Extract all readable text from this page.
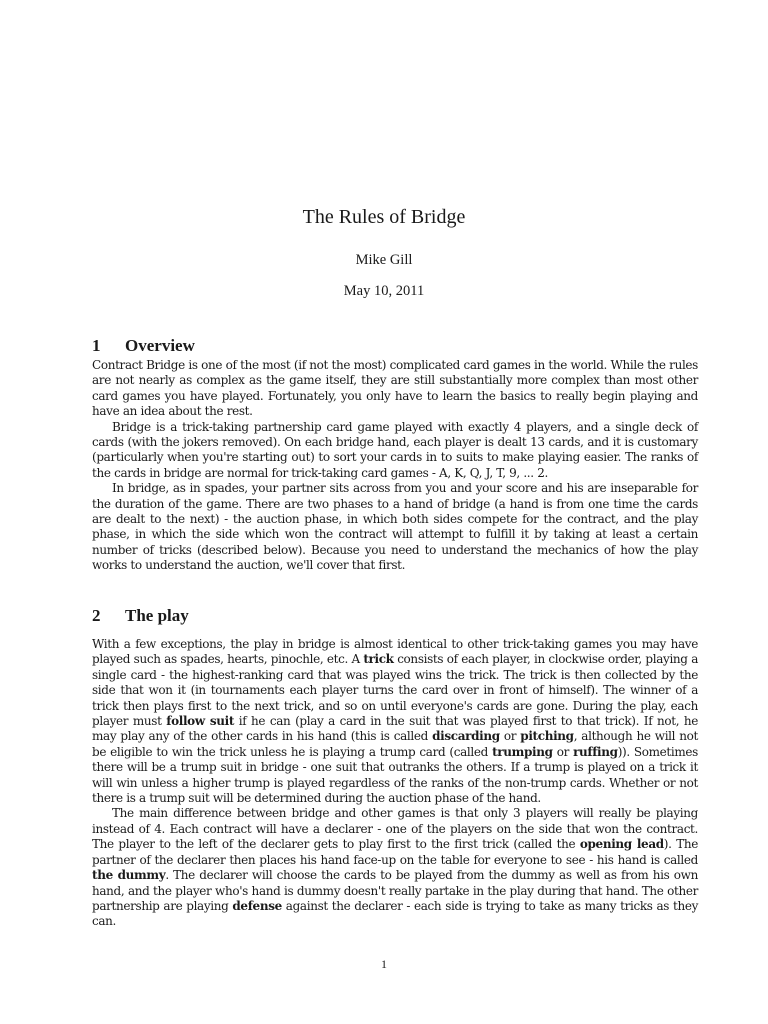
The Rules of Bridge
Mike Gill
May 10, 2011
1 Overview

Contract Bridge is one of the most (if not the most) complicated card games in the world. While the rules are not nearly as complex as the game itself, they are still substantially more complex than most other card games you have played. Fortunately, you only have to learn the basics to really begin playing and have an idea about the rest.

Bridge is a trick-taking partnership card game played with exactly 4 players, and a single deck of cards (with the jokers removed). On each bridge hand, each player is dealt 13 cards, and it is customary (particularly when you're starting out) to sort your cards in to suits to make playing easier. The ranks of the cards in bridge are normal for trick-taking card games - A, K, Q, J, T, 9, ... 2.

In bridge, as in spades, your partner sits across from you and your score and his are inseparable for the duration of the game. There are two phases to a hand of bridge (a hand is from one time the cards are dealt to the next) - the auction phase, in which both sides compete for the contract, and the play phase, in which the side which won the contract will attempt to fulfill it by taking at least a certain number of tricks (described below). Because you need to understand the mechanics of how the play works to understand the auction, we'll cover that first.

2 The play

With a few exceptions, the play in bridge is almost identical to other trick-taking games you may have played such as spades, hearts, pinochle, etc. A trick consists of each player, in clockwise order, playing a single card - the highest-ranking card that was played wins the trick. The trick is then collected by the side that won it (in tournaments each player turns the card over in front of himself). The winner of a trick then plays first to the next trick, and so on until everyone's cards are gone. During the play, each player must follow suit if he can (play a card in the suit that was played first to that trick). If not, he may play any of the other cards in his hand (this is called discarding or pitching, although he will not be eligible to win the trick unless he is playing a trump card (called trumping or ruffing)). Sometimes there will be a trump suit in bridge - one suit that outranks the others. If a trump is played on a trick it will win unless a higher trump is played regardless of the ranks of the non-trump cards. Whether or not there is a trump suit will be determined during the auction phase of the hand.

The main difference between bridge and other games is that only 3 players will really be playing instead of 4. Each contract will have a declarer - one of the players on the side that won the contract. The player to the left of the declarer gets to play first to the first trick (called the opening lead). The partner of the declarer then places his hand face-up on the table for everyone to see - his hand is called the dummy. The declarer will choose the cards to be played from the dummy as well as from his own hand, and the player who's hand is dummy doesn't really partake in the play during that hand. The other partnership are playing defense against the declarer - each side is trying to take as many tricks as they can.

1
